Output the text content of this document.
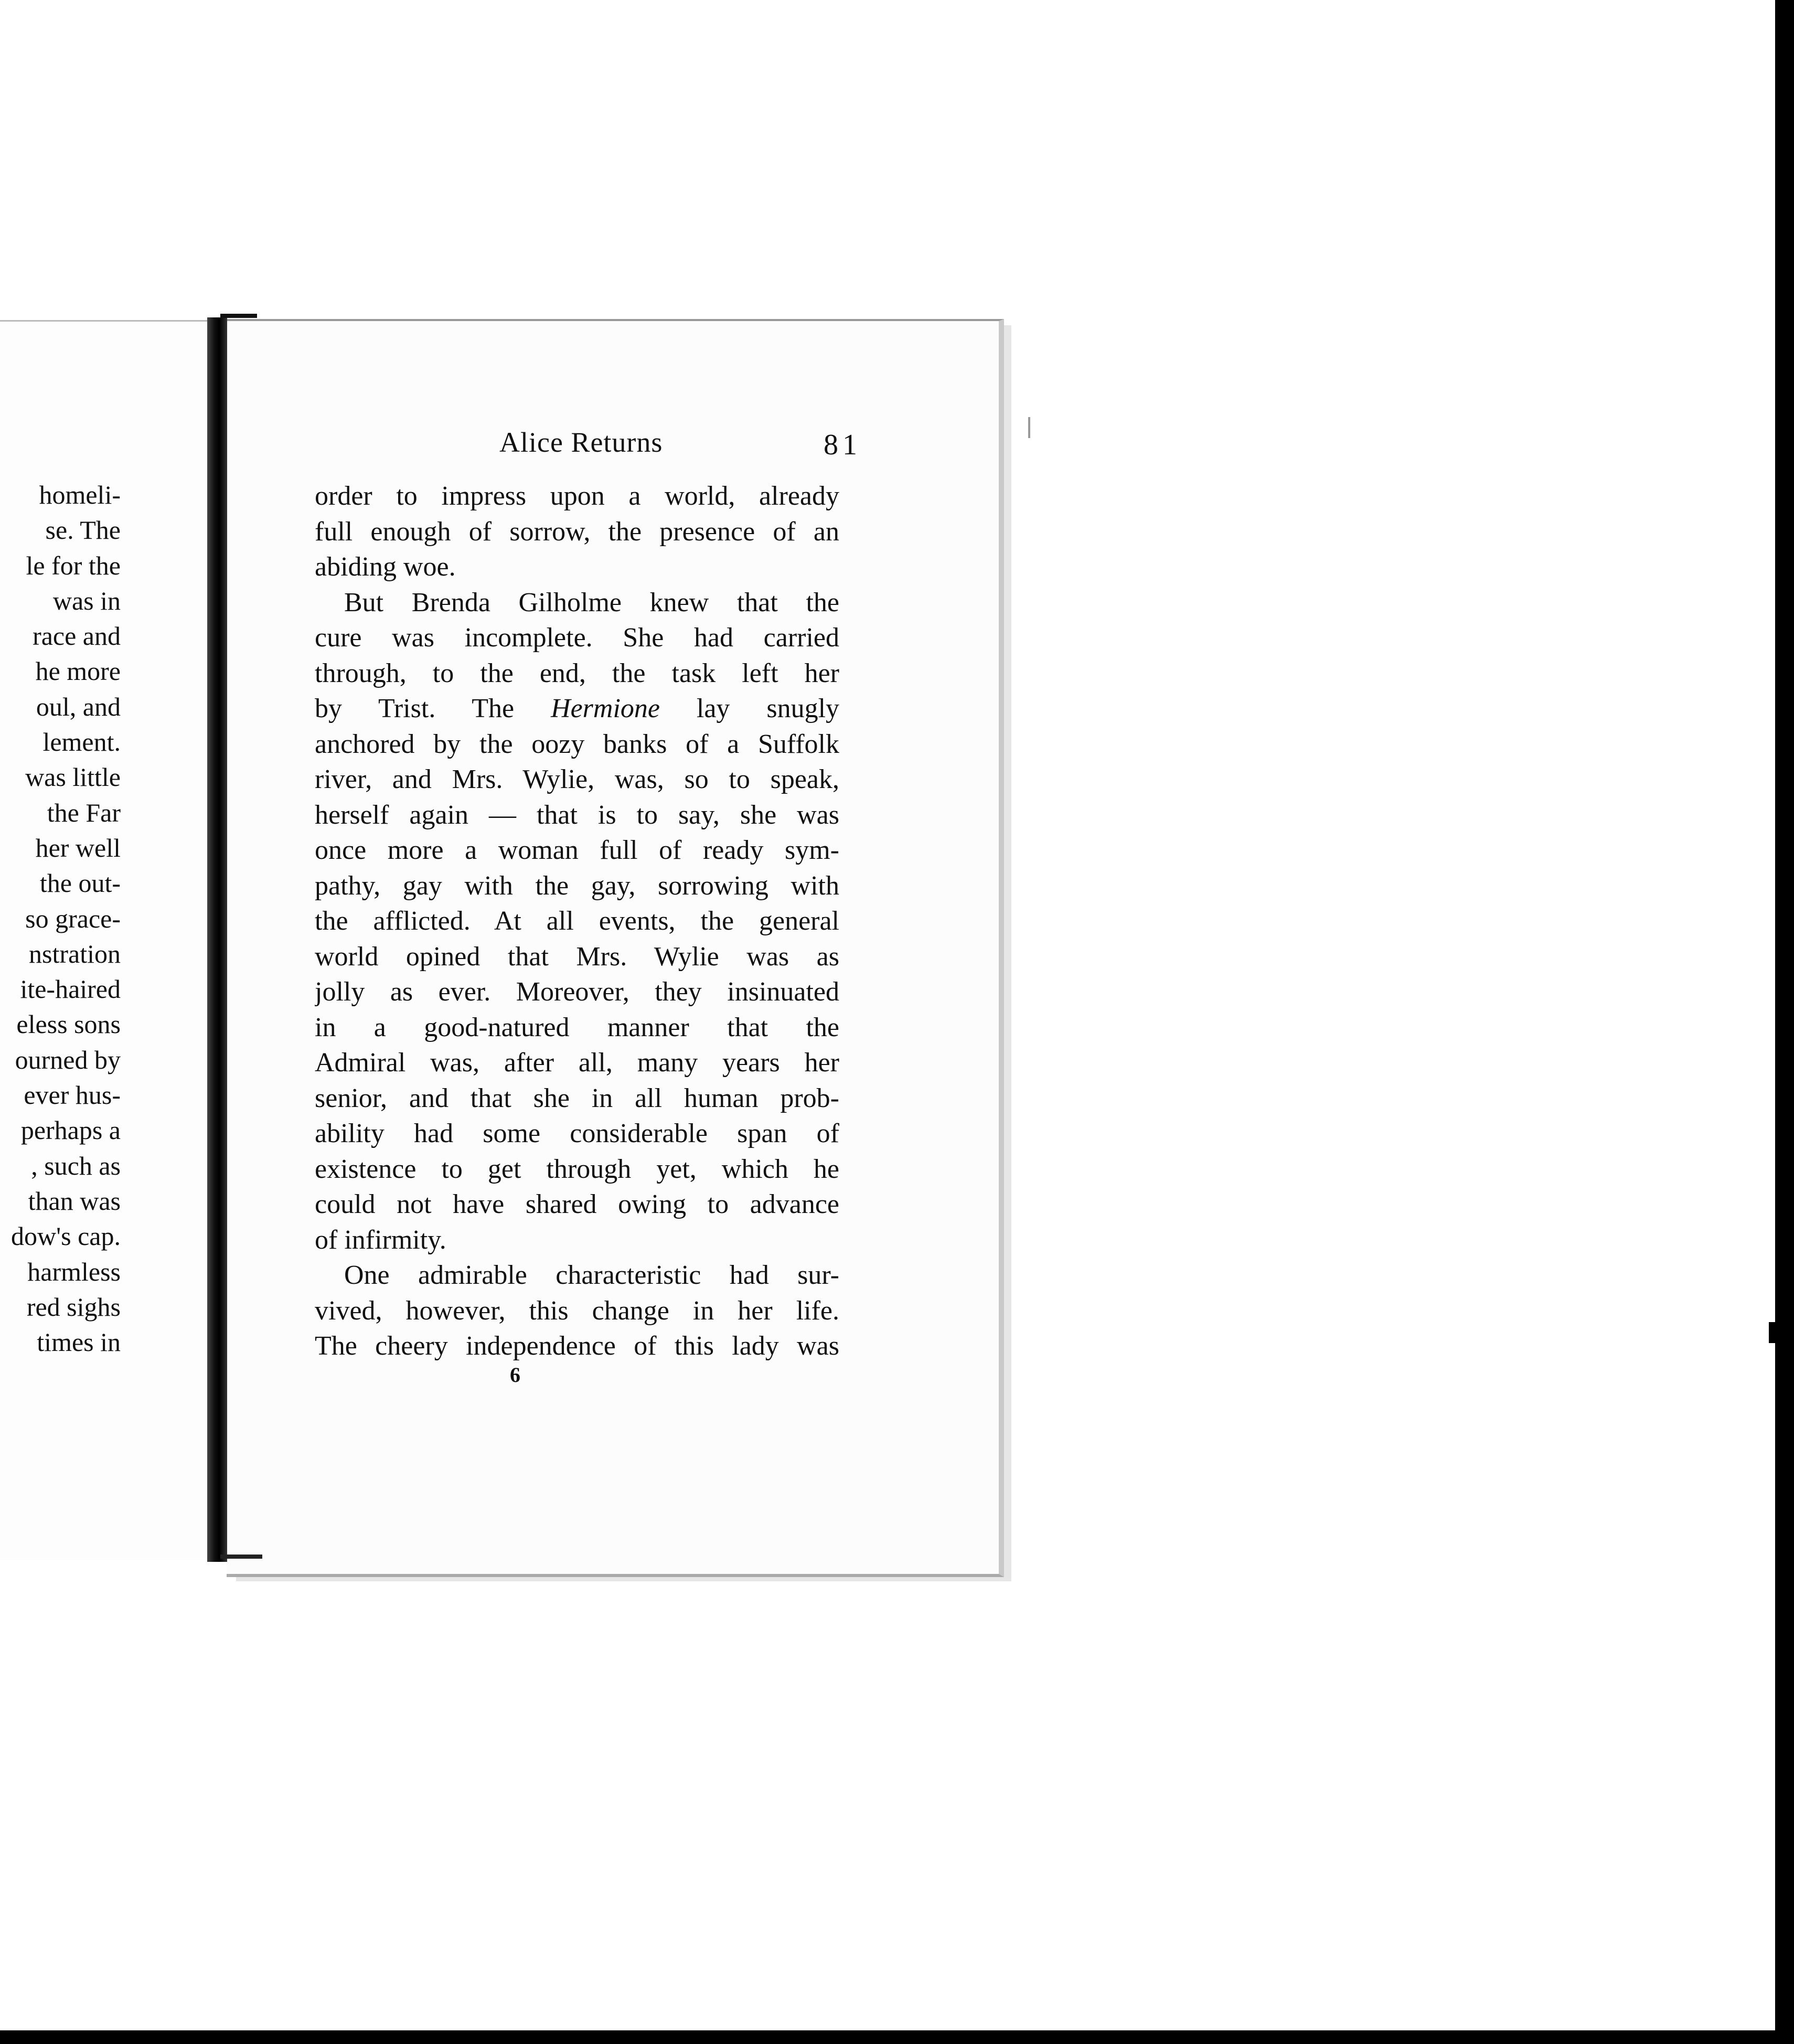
homeli-
se. The
le for the
was in
race and
he more
oul, and
lement.
was little
the Far
her well
the out-
so grace-
nstration
ite-haired
eless sons
ourned by
ever hus-
perhaps a
, such as
than was
dow's cap.
harmless
red sighs
times in
Alice Returns	81
order to impress upon a world, already
full enough of sorrow, the presence of an
abiding woe.
But Brenda Gilholme knew that the
cure was incomplete. She had carried
through, to the end, the task left her
by Trist. The Hermione lay snugly
anchored by the oozy banks of a Suffolk
river, and Mrs. Wylie, was, so to speak,
herself again — that is to say, she was
once more a woman full of ready sym-
pathy, gay with the gay, sorrowing with
the afflicted. At all events, the general
world opined that Mrs. Wylie was as
jolly as ever. Moreover, they insinuated
in a good-natured manner that the
Admiral was, after all, many years her
senior, and that she in all human prob-
ability had some considerable span of
existence to get through yet, which he
could not have shared owing to advance
of infirmity.
One admirable characteristic had sur-
vived, however, this change in her life.
The cheery independence of this lady was
6
